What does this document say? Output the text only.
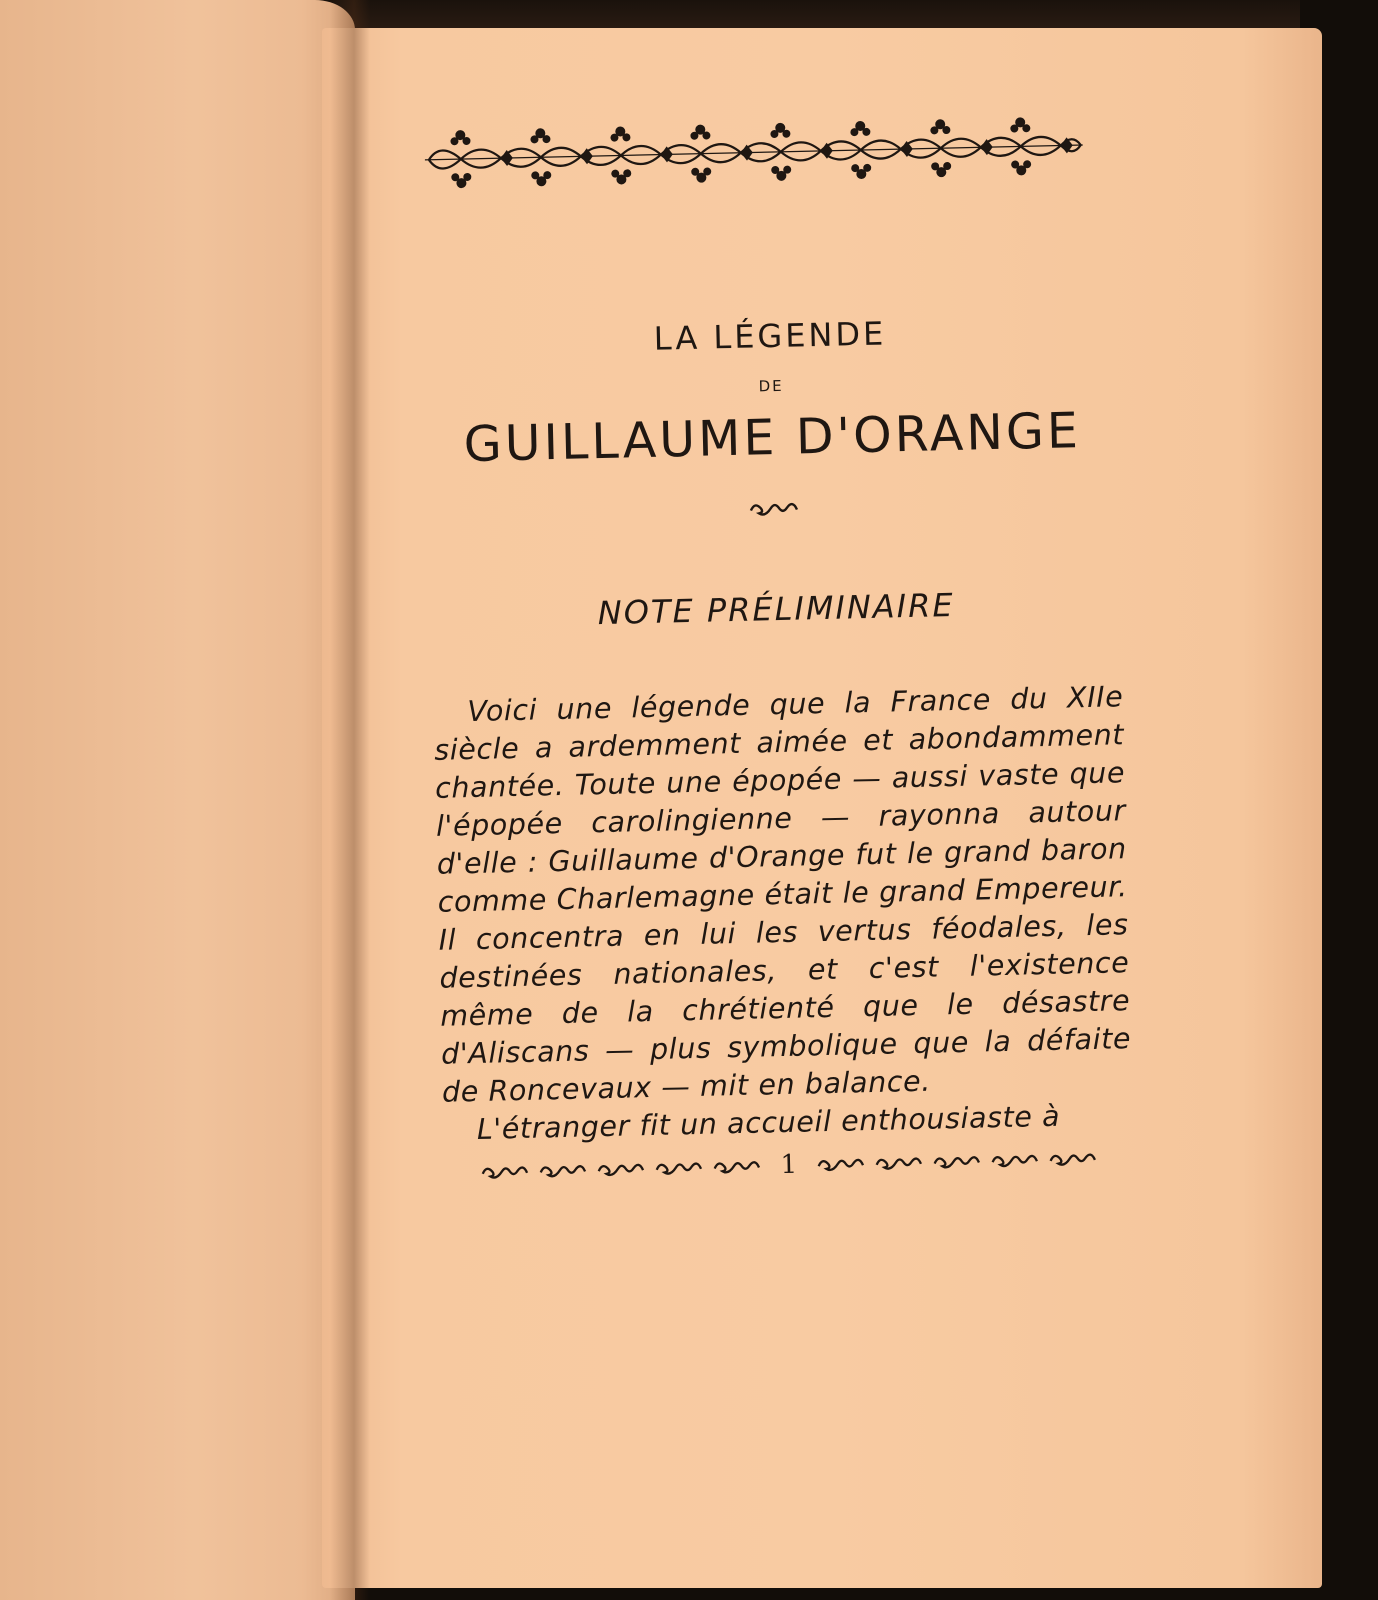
LA LÉGENDE
DE
GUILLAUME D'ORANGE
NOTE PRÉLIMINAIRE

Voici une légende que la France du XIIe siècle a ardemment aimée et abondamment chantée. Toute une épopée — aussi vaste que l'épopée carolingienne — rayonna autour d'elle : Guillaume d'Orange fut le grand baron comme Charlemagne était le grand Empereur. Il concentra en lui les vertus féodales, les destinées nationales, et c'est l'existence même de la chrétienté que le désastre d'Aliscans — plus symbolique que la défaite de Roncevaux — mit en balance.

L'étranger fit un accueil enthousiaste à

1
